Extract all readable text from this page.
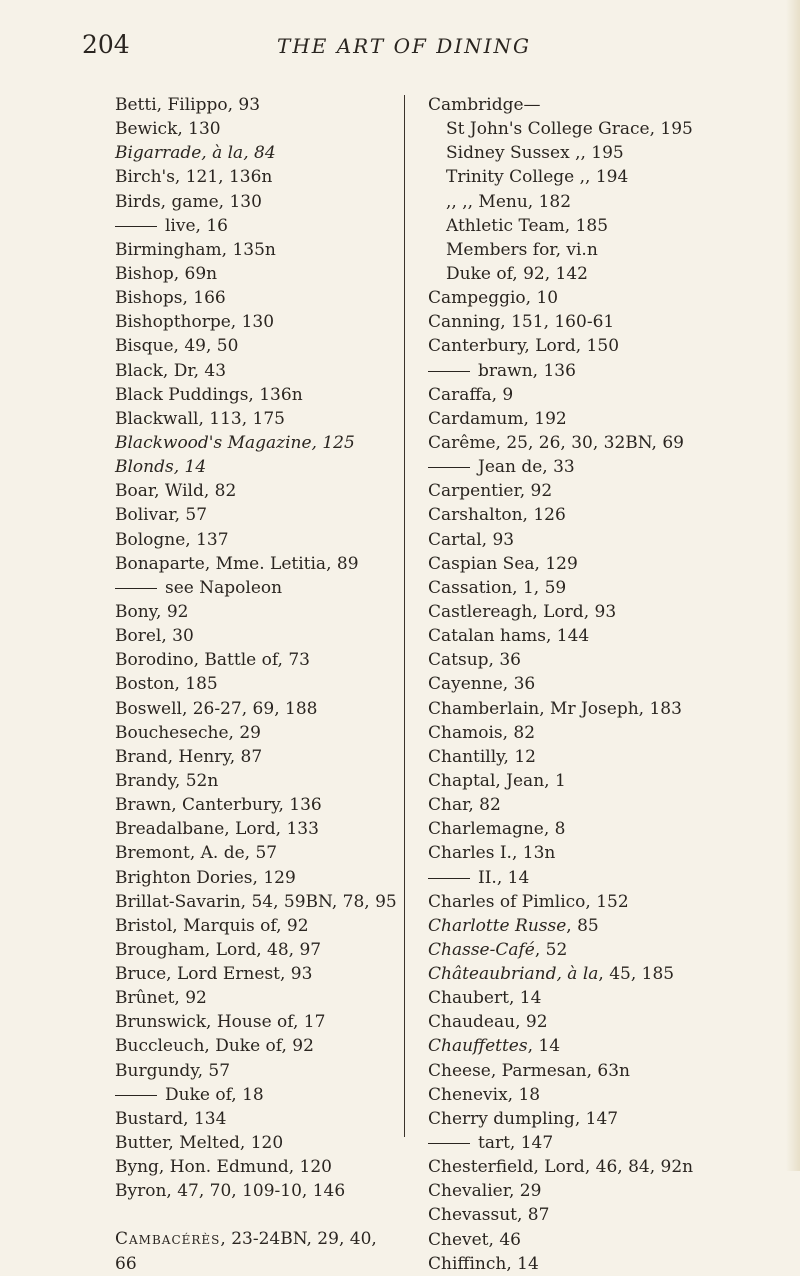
204	THE ART OF DINING
Betti, Filippo, 93
Bewick, 130
Bigarrade, à la, 84
Birch's, 121, 136n
Birds, game, 130
live, 16
Birmingham, 135n
Bishop, 69n
Bishops, 166
Bishopthorpe, 130
Bisque, 49, 50
Black, Dr, 43
Black Puddings, 136n
Blackwall, 113, 175
Blackwood's Magazine, 125
Blonds, 14
Boar, Wild, 82
Bolivar, 57
Bologne, 137
Bonaparte, Mme. Letitia, 89
see Napoleon
Bony, 92
Borel, 30
Borodino, Battle of, 73
Boston, 185
Boswell, 26-27, 69, 188
Boucheseche, 29
Brand, Henry, 87
Brandy, 52n
Brawn, Canterbury, 136
Breadalbane, Lord, 133
Bremont, A. de, 57
Brighton Dories, 129
Brillat-Savarin, 54, 59BN, 78, 95
Bristol, Marquis of, 92
Brougham, Lord, 48, 97
Bruce, Lord Ernest, 93
Brûnet, 92
Brunswick, House of, 17
Buccleuch, Duke of, 92
Burgundy, 57
Duke of, 18
Bustard, 134
Butter, Melted, 120
Byng, Hon. Edmund, 120
Byron, 47, 70, 109-10, 146
Cambacérès, 23-24BN, 29, 40,
66
Cambridge—
St John's College Grace, 195
Sidney Sussex ,, 195
Trinity College ,, 194
,, ,, Menu, 182
Athletic Team, 185
Members for, vi.n
Duke of, 92, 142
Campeggio, 10
Canning, 151, 160-61
Canterbury, Lord, 150
brawn, 136
Caraffa, 9
Cardamum, 192
Carême, 25, 26, 30, 32BN, 69
Jean de, 33
Carpentier, 92
Carshalton, 126
Cartal, 93
Caspian Sea, 129
Cassation, 1, 59
Castlereagh, Lord, 93
Catalan hams, 144
Catsup, 36
Cayenne, 36
Chamberlain, Mr Joseph, 183
Chamois, 82
Chantilly, 12
Chaptal, Jean, 1
Char, 82
Charlemagne, 8
Charles I., 13n
II., 14
Charles of Pimlico, 152
Charlotte Russe, 85
Chasse-Café, 52
Châteaubriand, à la, 45, 185
Chaubert, 14
Chaudeau, 92
Chauffettes, 14
Cheese, Parmesan, 63n
Chenevix, 18
Cherry dumpling, 147
tart, 147
Chesterfield, Lord, 46, 84, 92n
Chevalier, 29
Chevassut, 87
Chevet, 46
Chiffinch, 14
